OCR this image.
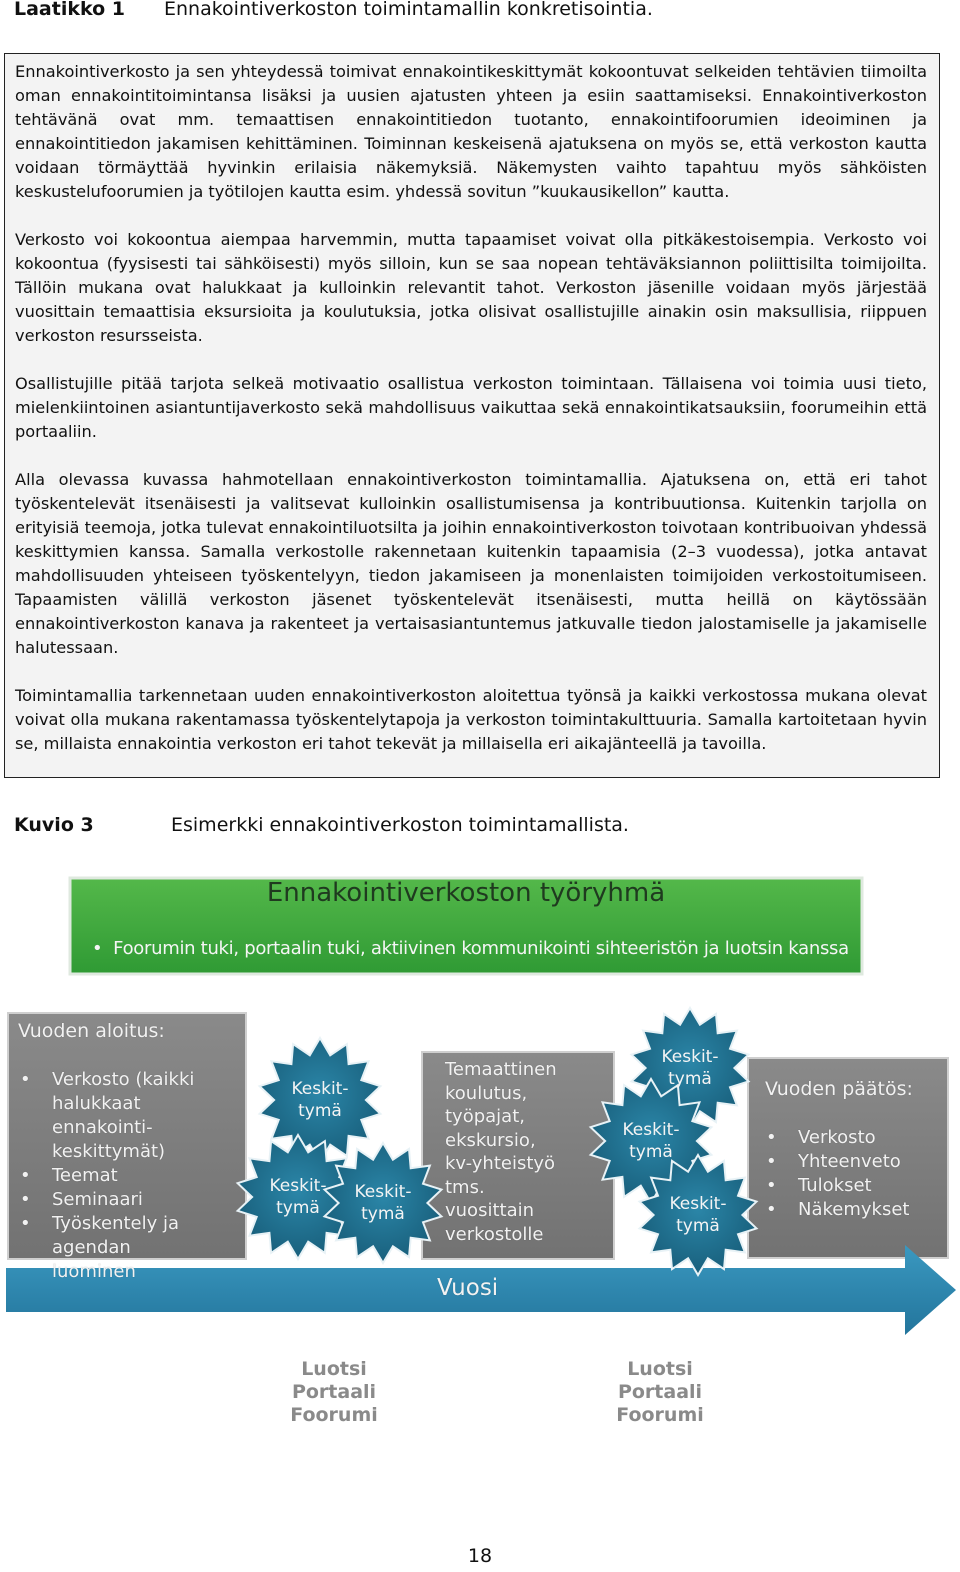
Laatikko 1 Ennakointiverkoston toimintamallin konkretisointia.

Ennakointiverkosto ja sen yhteydessä toimivat ennakointikeskittymät kokoontuvat selkeiden tehtävien tiimoilta oman ennakointitoimintansa lisäksi ja uusien ajatusten yhteen ja esiin saattamiseksi. Ennakointiverkoston tehtävänä ovat mm. temaattisen ennakointitiedon tuotanto, ennakointifoorumien ideoiminen ja ennakointitiedon jakamisen kehittäminen. Toiminnan keskeisenä ajatuksena on myös se, että verkoston kautta voidaan törmäyttää hyvinkin erilaisia näkemyksiä. Näkemysten vaihto tapahtuu myös sähköisten keskustelufoorumien ja työtilojen kautta esim. yhdessä sovitun ”kuukausikellon” kautta.

Verkosto voi kokoontua aiempaa harvemmin, mutta tapaamiset voivat olla pitkäkestoisempia. Verkosto voi kokoontua (fyysisesti tai sähköisesti) myös silloin, kun se saa nopean tehtäväksiannon poliittisilta toimijoilta. Tällöin mukana ovat halukkaat ja kulloinkin relevantit tahot. Verkoston jäsenille voidaan myös järjestää vuosittain temaattisia eksursioita ja koulutuksia, jotka olisivat osallistujille ainakin osin maksullisia, riippuen verkoston resursseista.

Osallistujille pitää tarjota selkeä motivaatio osallistua verkoston toimintaan. Tällaisena voi toimia uusi tieto, mielenkiintoinen asiantuntijaverkosto sekä mahdollisuus vaikuttaa sekä ennakointikatsauksiin, foorumeihin että portaaliin.

Alla olevassa kuvassa hahmotellaan ennakointiverkoston toimintamallia. Ajatuksena on, että eri tahot työskentelevät itsenäisesti ja valitsevat kulloinkin osallistumisensa ja kontribuutionsa. Kuitenkin tarjolla on erityisiä teemoja, jotka tulevat ennakointiluotsilta ja joihin ennakointiverkoston toivotaan kontribuoivan yhdessä keskittymien kanssa. Samalla verkostolle rakennetaan kuitenkin tapaamisia (2–3 vuodessa), jotka antavat mahdollisuuden yhteiseen työskentelyyn, tiedon jakamiseen ja monenlaisten toimijoiden verkostoitumiseen. Tapaamisten välillä verkoston jäsenet työskentelevät itsenäisesti, mutta heillä on käytössään ennakointiverkoston kanava ja rakenteet ja vertaisasiantuntemus jatkuvalle tiedon jalostamiselle ja jakamiselle halutessaan.

Toimintamallia tarkennetaan uuden ennakointiverkoston aloitettua työnsä ja kaikki verkostossa mukana olevat voivat olla mukana rakentamassa työskentelytapoja ja verkoston toimintakulttuuria. Samalla kartoitetaan hyvin se, millaista ennakointia verkoston eri tahot tekevät ja millaisella eri aikajänteellä ja tavoilla.

Kuvio 3	Esimerkki ennakointiverkoston toimintamallista.
Ennakointiverkoston työryhmä
•  Foorumin tuki, portaalin tuki, aktiivinen kommunikointi sihteeristön ja luotsin kanssa
Vuoden aloitus:
•	Verkosto (kaikki halukkaat ennakointi-keskittymät)
•	Teemat
•	Seminaari
•	Työskentely ja agendan luominen
Temaattinen
koulutus,
työpajat,
ekskursio,
kv-yhteistyö
tms.
vuosittain
verkostolle
Vuoden päätös:
•	Verkosto
•	Yhteenveto
•	Tulokset
•	Näkemykset
Keskit-tymä
Keskit-tymä
Keskit-tymä
Keskit-tymä
Keskit-tymä
Keskit-tymä
Vuosi
Luotsi
Portaali
Foorumi
Luotsi
Portaali
Foorumi
18
